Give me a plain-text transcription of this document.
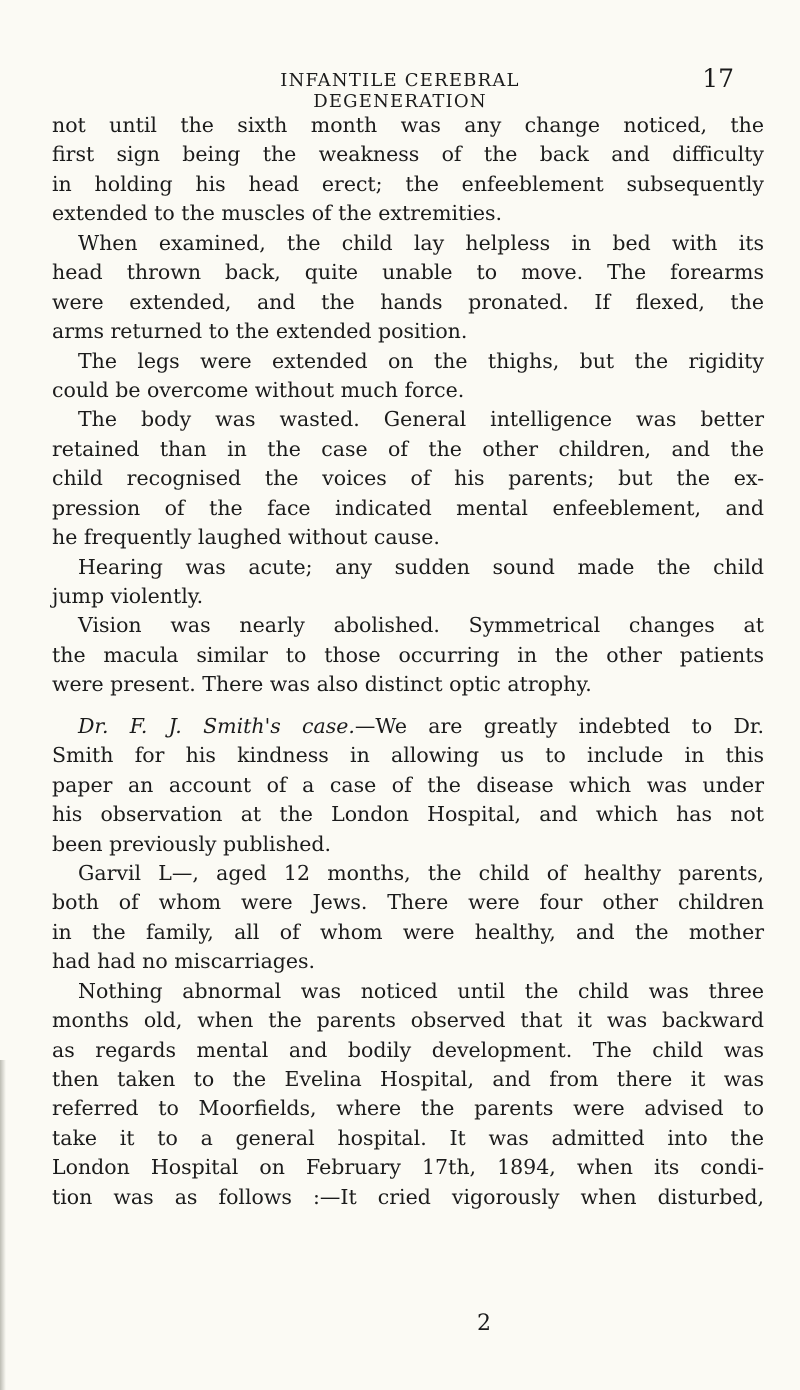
INFANTILE CEREBRAL DEGENERATION
17
not until the sixth month was any change noticed, the
first sign being the weakness of the back and difficulty
in holding his head erect; the enfeeblement subsequently
extended to the muscles of the extremities.
When examined, the child lay helpless in bed with its
head thrown back, quite unable to move. The forearms
were extended, and the hands pronated. If flexed, the
arms returned to the extended position.
The legs were extended on the thighs, but the rigidity
could be overcome without much force.
The body was wasted. General intelligence was better
retained than in the case of the other children, and the
child recognised the voices of his parents; but the ex-
pression of the face indicated mental enfeeblement, and
he frequently laughed without cause.
Hearing was acute; any sudden sound made the child
jump violently.
Vision was nearly abolished. Symmetrical changes at
the macula similar to those occurring in the other patients
were present. There was also distinct optic atrophy.
Dr. F. J. Smith's case.—We are greatly indebted to Dr.
Smith for his kindness in allowing us to include in this
paper an account of a case of the disease which was under
his observation at the London Hospital, and which has not
been previously published.
Garvil L—, aged 12 months, the child of healthy parents,
both of whom were Jews. There were four other children
in the family, all of whom were healthy, and the mother
had had no miscarriages.
Nothing abnormal was noticed until the child was three
months old, when the parents observed that it was backward
as regards mental and bodily development. The child was
then taken to the Evelina Hospital, and from there it was
referred to Moorfields, where the parents were advised to
take it to a general hospital. It was admitted into the
London Hospital on February 17th, 1894, when its condi-
tion was as follows :—It cried vigorously when disturbed,
2
